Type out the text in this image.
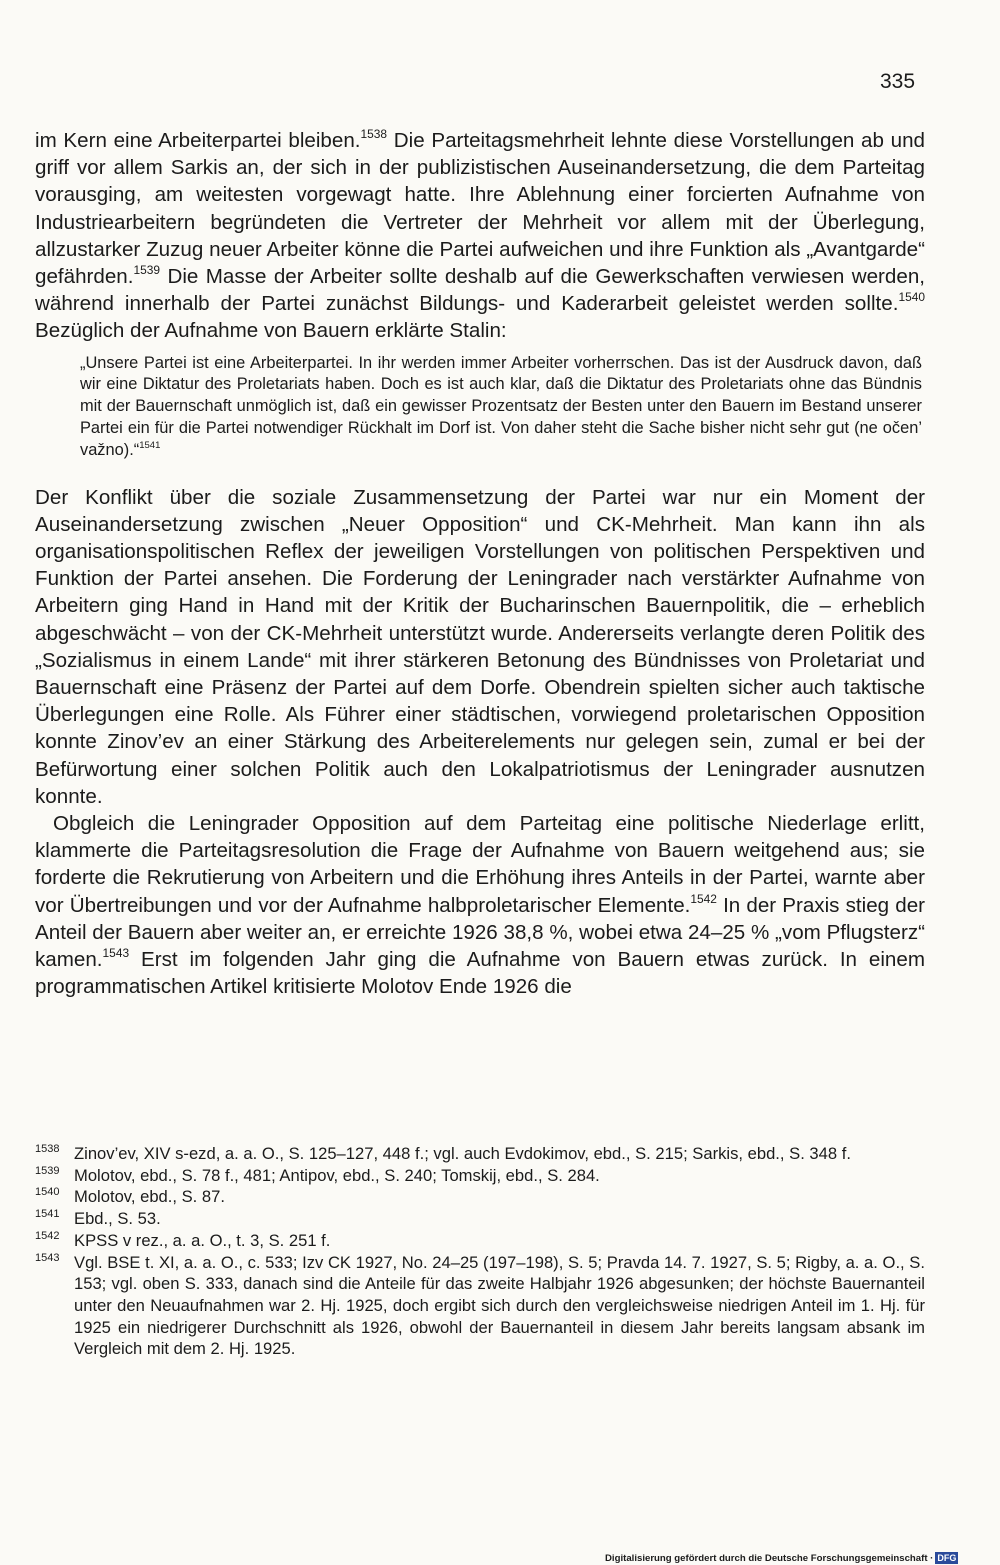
335

im Kern eine Arbeiterpartei bleiben.$^{1538}$ Die Parteitagsmehrheit lehnte diese Vorstellungen ab und griff vor allem Sarkis an, der sich in der publizistischen Auseinandersetzung, die dem Parteitag vorausging, am weitesten vorgewagt hatte. Ihre Ablehnung einer forcierten Aufnahme von Industriearbeitern begründeten die Vertreter der Mehrheit vor allem mit der Überlegung, allzustarker Zuzug neuer Arbeiter könne die Partei aufweichen und ihre Funktion als „Avantgarde“ gefährden.$^{1539}$ Die Masse der Arbeiter sollte deshalb auf die Gewerkschaften verwiesen werden, während innerhalb der Partei zunächst Bildungs- und Kaderarbeit geleistet werden sollte.$^{1540}$ Bezüglich der Aufnahme von Bauern erklärte Stalin:

„Unsere Partei ist eine Arbeiterpartei. In ihr werden immer Arbeiter vorherrschen. Das ist der Ausdruck davon, daß wir eine Diktatur des Proletariats haben. Doch es ist auch klar, daß die Diktatur des Proletariats ohne das Bündnis mit der Bauernschaft unmöglich ist, daß ein gewisser Prozentsatz der Besten unter den Bauern im Bestand unserer Partei ein für die Partei notwendiger Rückhalt im Dorf ist. Von daher steht die Sache bisher nicht sehr gut (ne očen’ važno).“$^{1541}$

Der Konflikt über die soziale Zusammensetzung der Partei war nur ein Moment der Auseinandersetzung zwischen „Neuer Opposition“ und CK-Mehrheit. Man kann ihn als organisationspolitischen Reflex der jeweiligen Vorstellungen von politischen Perspektiven und Funktion der Partei ansehen. Die Forderung der Leningrader nach verstärkter Aufnahme von Arbeitern ging Hand in Hand mit der Kritik der Bucharinschen Bauernpolitik, die – erheblich abgeschwächt – von der CK-Mehrheit unterstützt wurde. Andererseits verlangte deren Politik des „Sozialismus in einem Lande“ mit ihrer stärkeren Betonung des Bündnisses von Proletariat und Bauernschaft eine Präsenz der Partei auf dem Dorfe. Obendrein spielten sicher auch taktische Überlegungen eine Rolle. Als Führer einer städtischen, vorwiegend proletarischen Opposition konnte Zinov’ev an einer Stärkung des Arbeiterelements nur gelegen sein, zumal er bei der Befürwortung einer solchen Politik auch den Lokalpatriotismus der Leningrader ausnutzen konnte.

Obgleich die Leningrader Opposition auf dem Parteitag eine politische Niederlage erlitt, klammerte die Parteitagsresolution die Frage der Aufnahme von Bauern weitgehend aus; sie forderte die Rekrutierung von Arbeitern und die Erhöhung ihres Anteils in der Partei, warnte aber vor Übertreibungen und vor der Aufnahme halbproletarischer Elemente.$^{1542}$ In der Praxis stieg der Anteil der Bauern aber weiter an, er erreichte 1926 38,8 %, wobei etwa 24–25 % „vom Pflugsterz“ kamen.$^{1543}$ Erst im folgenden Jahr ging die Aufnahme von Bauern etwas zurück. In einem programmatischen Artikel kritisierte Molotov Ende 1926 die

1538 Zinov’ev, XIV s-ezd, a. a. O., S. 125–127, 448 f.; vgl. auch Evdokimov, ebd., S. 215; Sarkis, ebd., S. 348 f.
1539 Molotov, ebd., S. 78 f., 481; Antipov, ebd., S. 240; Tomskij, ebd., S. 284.
1540 Molotov, ebd., S. 87.
1541 Ebd., S. 53.
1542 KPSS v rez., a. a. O., t. 3, S. 251 f.
1543 Vgl. BSE t. XI, a. a. O., c. 533; Izv CK 1927, No. 24–25 (197–198), S. 5; Pravda 14. 7. 1927, S. 5; Rigby, a. a. O., S. 153; vgl. oben S. 333, danach sind die Anteile für das zweite Halbjahr 1926 abgesunken; der höchste Bauernanteil unter den Neuaufnahmen war 2. Hj. 1925, doch ergibt sich durch den vergleichsweise niedrigen Anteil im 1. Hj. für 1925 ein niedrigerer Durchschnitt als 1926, obwohl der Bauernanteil in diesem Jahr bereits langsam absank im Vergleich mit dem 2. Hj. 1925.
Digitalisierung gefördert durch die Deutsche Forschungsgemeinschaft · DFG
